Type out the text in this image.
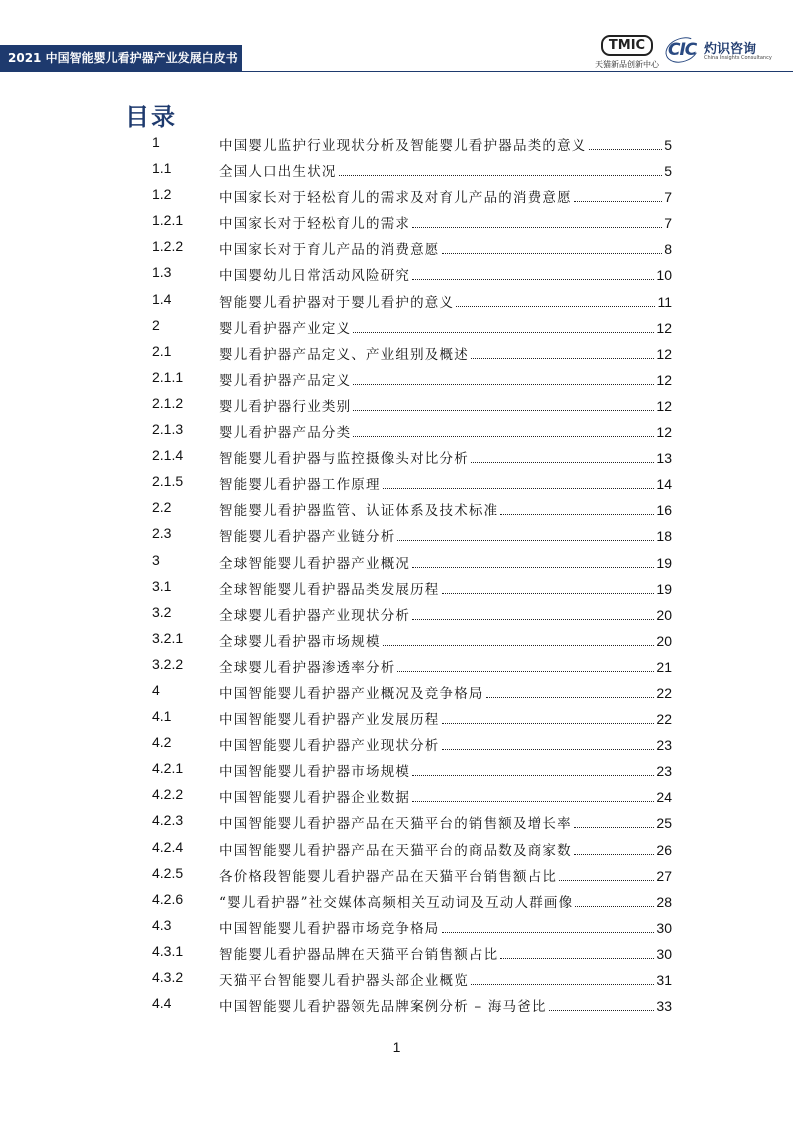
2021 中国智能婴儿看护器产业发展白皮书
TMIC
天猫新品创新中心
CIC 灼识咨询
China Insights Consultancy
目录
1	中国婴儿监护行业现状分析及智能婴儿看护器品类的意义	5
1.1	全国人口出生状况	5
1.2	中国家长对于轻松育儿的需求及对育儿产品的消费意愿	7
1.2.1	中国家长对于轻松育儿的需求	7
1.2.2	中国家长对于育儿产品的消费意愿	8
1.3	中国婴幼儿日常活动风险研究	10
1.4	智能婴儿看护器对于婴儿看护的意义	11
2	婴儿看护器产业定义	12
2.1	婴儿看护器产品定义、产业组别及概述	12
2.1.1	婴儿看护器产品定义	12
2.1.2	婴儿看护器行业类别	12
2.1.3	婴儿看护器产品分类	12
2.1.4	智能婴儿看护器与监控摄像头对比分析	13
2.1.5	智能婴儿看护器工作原理	14
2.2	智能婴儿看护器监管、认证体系及技术标准	16
2.3	智能婴儿看护器产业链分析	18
3	全球智能婴儿看护器产业概况	19
3.1	全球智能婴儿看护器品类发展历程	19
3.2	全球婴儿看护器产业现状分析	20
3.2.1	全球婴儿看护器市场规模	20
3.2.2	全球婴儿看护器渗透率分析	21
4	中国智能婴儿看护器产业概况及竞争格局	22
4.1	中国智能婴儿看护器产业发展历程	22
4.2	中国智能婴儿看护器产业现状分析	23
4.2.1	中国智能婴儿看护器市场规模	23
4.2.2	中国智能婴儿看护器企业数据	24
4.2.3	中国智能婴儿看护器产品在天猫平台的销售额及增长率	25
4.2.4	中国智能婴儿看护器产品在天猫平台的商品数及商家数	26
4.2.5	各价格段智能婴儿看护器产品在天猫平台销售额占比	27
4.2.6	“婴儿看护器”社交媒体高频相关互动词及互动人群画像	28
4.3	中国智能婴儿看护器市场竞争格局	30
4.3.1	智能婴儿看护器品牌在天猫平台销售额占比	30
4.3.2	天猫平台智能婴儿看护器头部企业概览	31
4.4	中国智能婴儿看护器领先品牌案例分析 – 海马爸比	33
1
